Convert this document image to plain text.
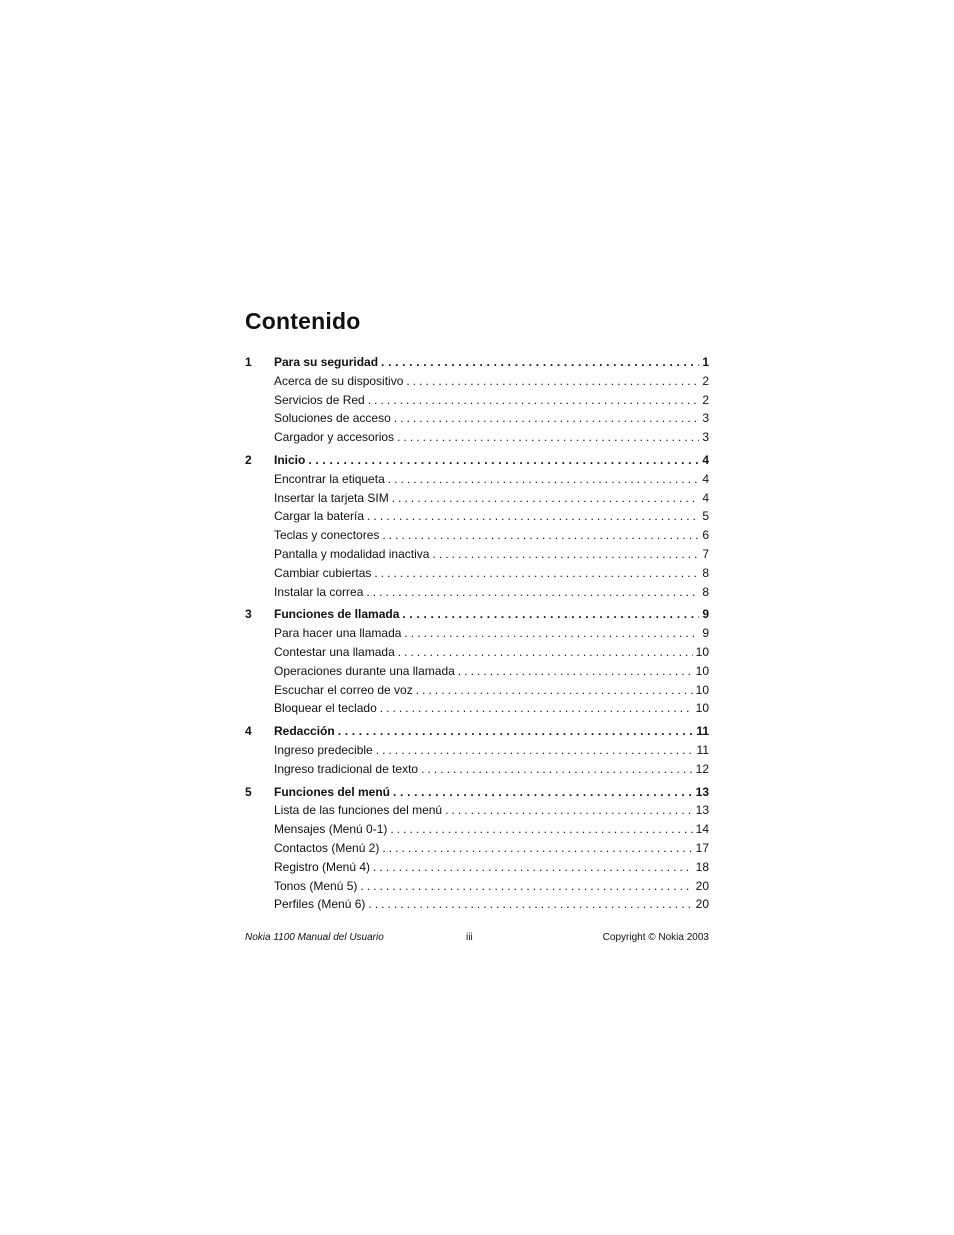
Contenido
1	Para su seguridad .....	1
Acerca de su dispositivo .....	2
Servicios de Red .....	2
Soluciones de acceso .....	3
Cargador y accesorios .....	3
2	Inicio .....	4
Encontrar la etiqueta .....	4
Insertar la tarjeta SIM .....	4
Cargar la batería .....	5
Teclas y conectores .....	6
Pantalla y modalidad inactiva .....	7
Cambiar cubiertas .....	8
Instalar la correa .....	8
3	Funciones de llamada .....	9
Para hacer una llamada .....	9
Contestar una llamada .....	10
Operaciones durante una llamada .....	10
Escuchar el correo de voz .....	10
Bloquear el teclado .....	10
4	Redacción .....	11
Ingreso predecible .....	11
Ingreso tradicional de texto .....	12
5	Funciones del menú .....	13
Lista de las funciones del menú .....	13
Mensajes (Menú 0-1) .....	14
Contactos (Menú 2) .....	17
Registro (Menú 4) .....	18
Tonos (Menú 5) .....	20
Perfiles (Menú 6) .....	20
Nokia 1100 Manual del Usuario	iii	Copyright © Nokia 2003
